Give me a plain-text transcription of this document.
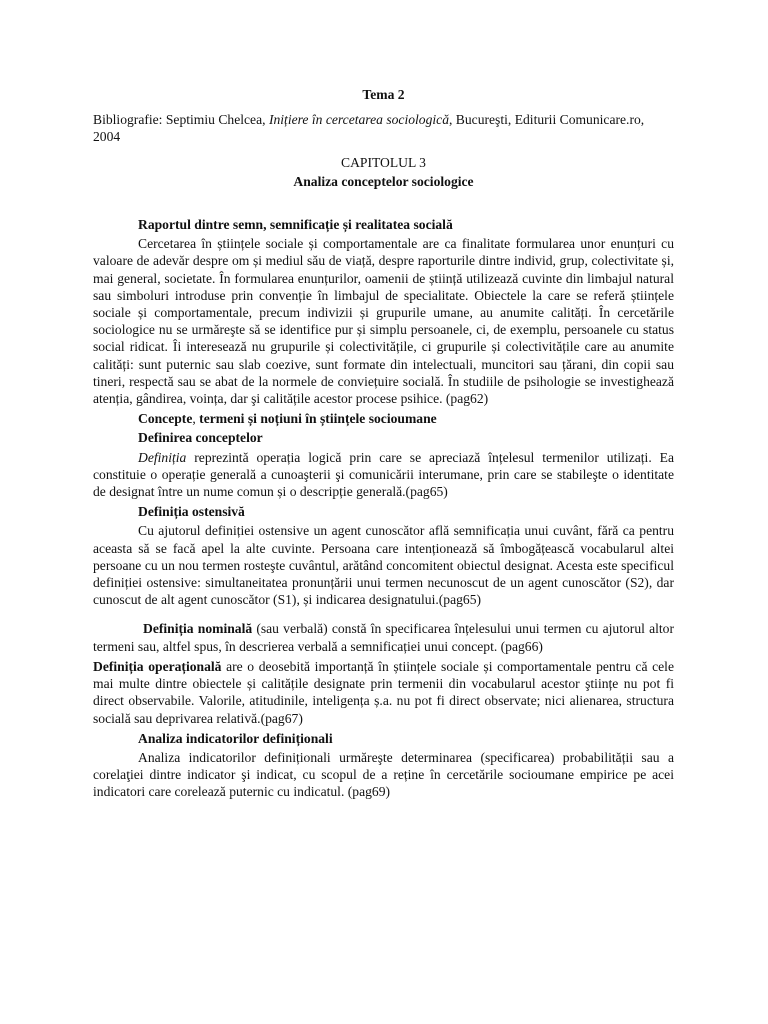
Tema 2

Bibliografie: Septimiu Chelcea, Inițiere în cercetarea sociologică, Bucureşti, Editurii Comunicare.ro, 2004

CAPITOLUL 3

Analiza conceptelor sociologice

Raportul dintre semn, semnificație și realitatea socială

Cercetarea în științele sociale și comportamentale are ca finalitate formularea unor enunțuri cu valoare de adevăr despre om și mediul său de viață, despre raporturile dintre individ, grup, colectivitate și, mai general, societate. În formularea enunțurilor, oamenii de știință utilizează cuvinte din limbajul natural sau simboluri introduse prin convenție în limbajul de specialitate. Obiectele la care se referă științele sociale și comportamentale, precum indivizii și grupurile umane, au anumite calități. În cercetările sociologice nu se urmăreşte să se identifice pur și simplu persoanele, ci, de exemplu, persoanele cu status social ridicat. Îi interesează nu grupurile și colectivitățile, ci grupurile și colectivitățile care au anumite calități: sunt puternic sau slab coezive, sunt formate din intelectuali, muncitori sau țărani, din copii sau tineri, respectă sau se abat de la normele de conviețuire socială. În studiile de psihologie se investighează atenția, gândirea, voința, dar şi calitățile acestor procese psihice. (pag62)

Concepte, termeni și noțiuni în științele socioumane

Definirea conceptelor

Definiția reprezintă operația logică prin care se apreciază înțelesul termenilor utilizați. Ea constituie o operație generală a cunoaşterii şi comunicării interumane, prin care se stabileşte o identitate de designat între un nume comun și o descripție generală.(pag65)

Definiția ostensivă

Cu ajutorul definiției ostensive un agent cunoscător află semnificația unui cuvânt, fără ca pentru aceasta să se facă apel la alte cuvinte. Persoana care intenționează să îmbogățească vocabularul altei persoane cu un nou termen rosteşte cuvântul, arătând concomitent obiectul designat. Acesta este specificul definiției ostensive: simultaneitatea pronunțării unui termen necunoscut de un agent cunoscător (S2), dar cunoscut de alt agent cunoscător (S1), și indicarea designatului.(pag65)

Definiția nominală (sau verbală) constă în specificarea înțelesului unui termen cu ajutorul altor termeni sau, altfel spus, în descrierea verbală a semnificației unui concept. (pag66)

Definiția operațională are o deosebită importanță în științele sociale și comportamentale pentru că cele mai multe dintre obiectele și calitățile designate prin termenii din vocabularul acestor ştiințe nu pot fi direct observabile. Valorile, atitudinile, inteligența ș.a. nu pot fi direct observate; nici alienarea, structura socială sau deprivarea relativă.(pag67)

Analiza indicatorilor definiționali

Analiza indicatorilor definiționali urmăreşte determinarea (specificarea) probabilității sau a corelaţiei dintre indicator şi indicat, cu scopul de a reține în cercetările socioumane empirice pe acei indicatori care corelează puternic cu indicatul. (pag69)
